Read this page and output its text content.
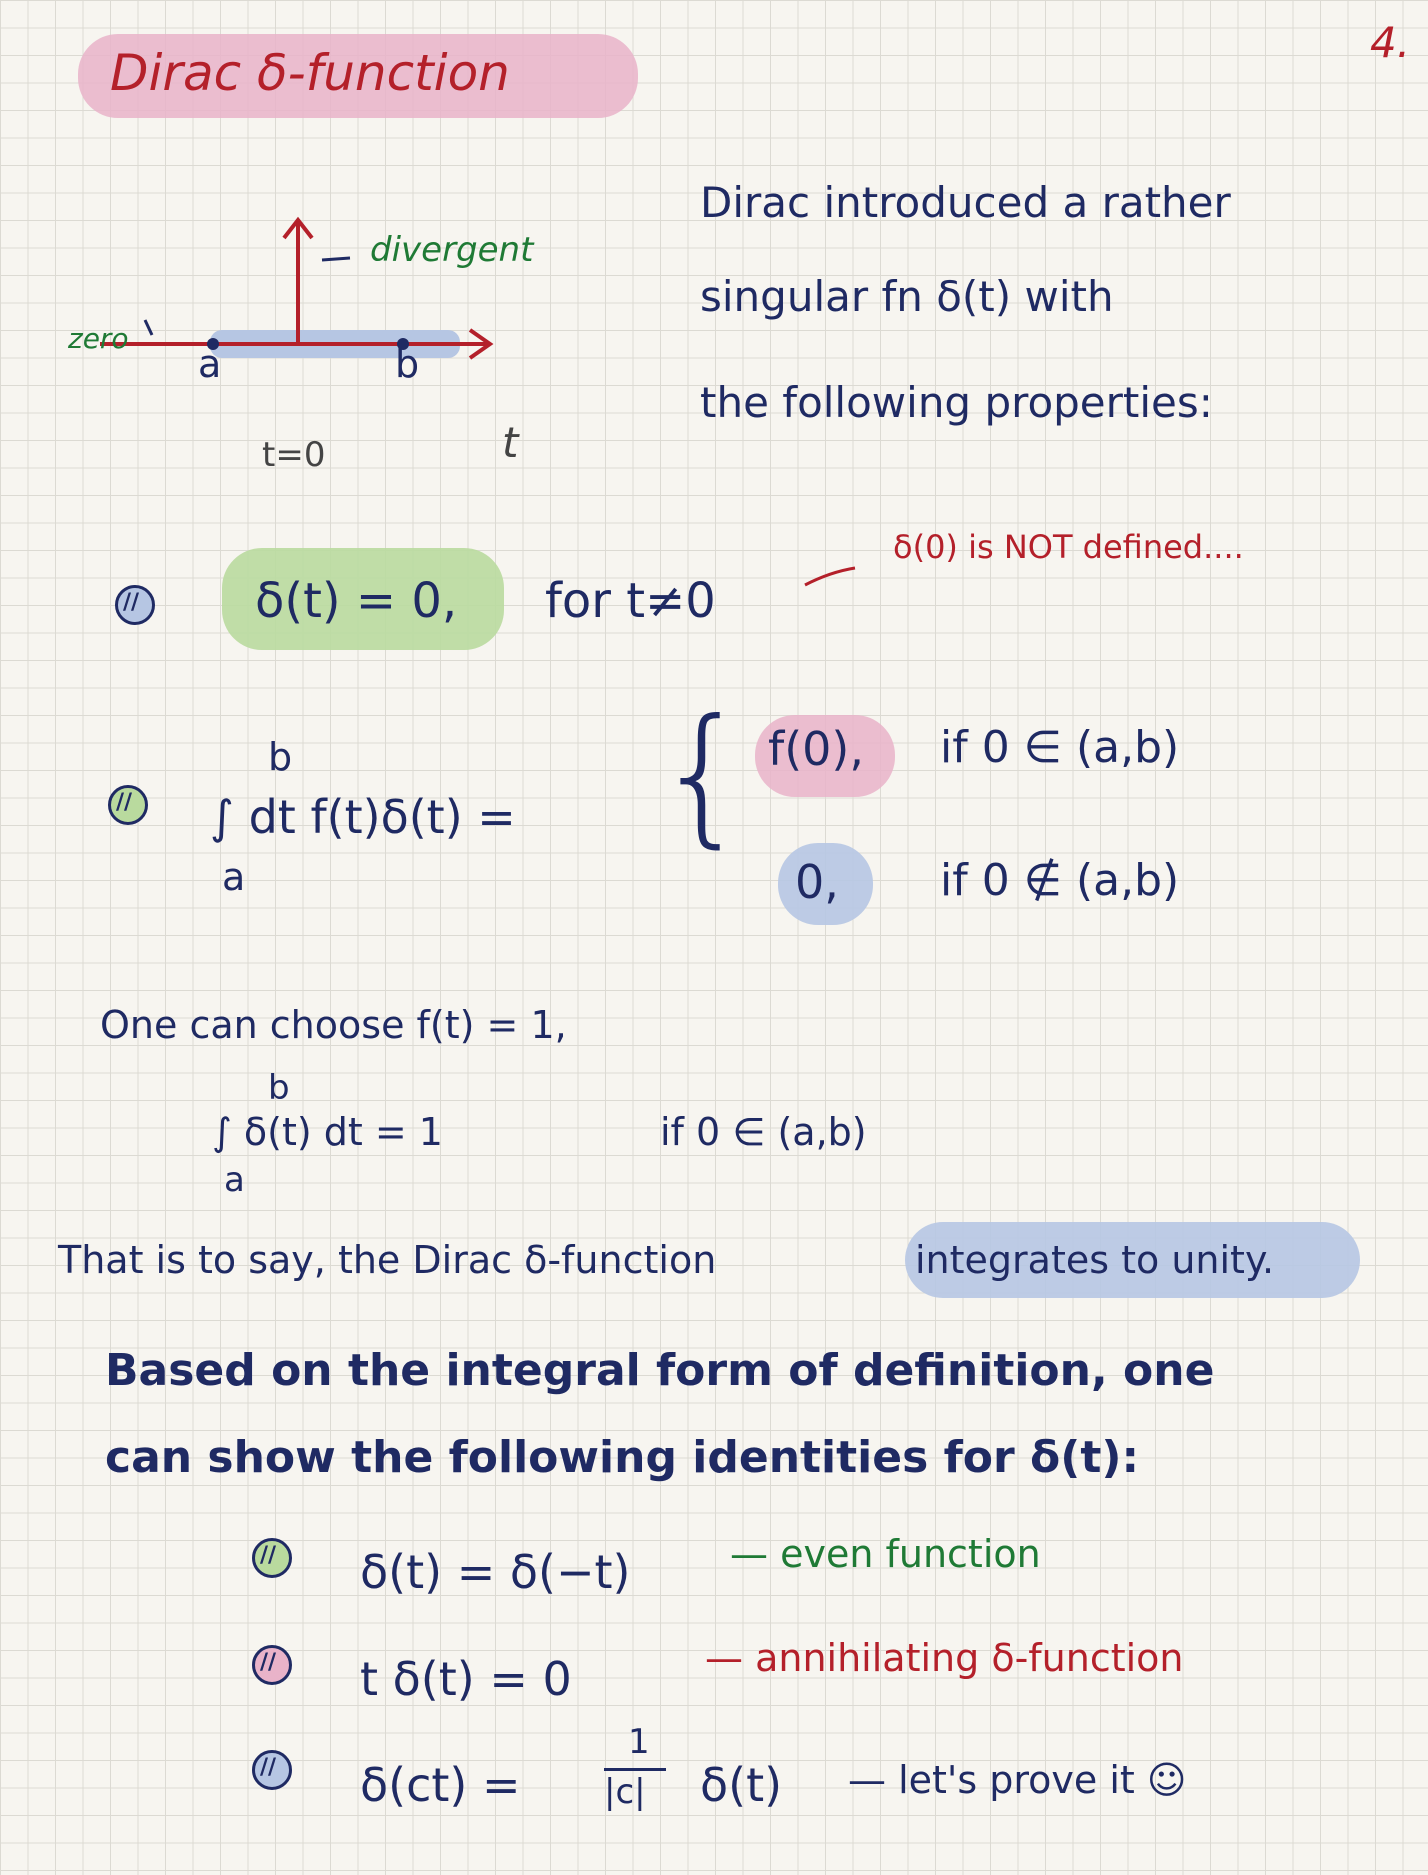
4.
Dirac δ-function
divergent
zero
a	b
t=0	t
Dirac introduced a rather
singular fn δ(t) with
the following properties:
δ(0) is NOT defined....
//
δ(t) = 0, for t≠0
//
b
a
∫ dt f(t)δ(t) = { f(0), if 0 ∈ (a,b)
0, if 0 ∉ (a,b)
One can choose f(t) = 1,
b
a
∫ δ(t) dt = 1	if 0 ∈ (a,b)
That is to say, the Dirac δ-function	integrates to unity.
Based on the integral form of definition, one
can show the following identities for δ(t):
//
δ(t) = δ(−t)	— even function
//
t δ(t) = 0	— annihilating δ-function
//
δ(ct) =
1
|c| δ(t) — let's prove it ☺
